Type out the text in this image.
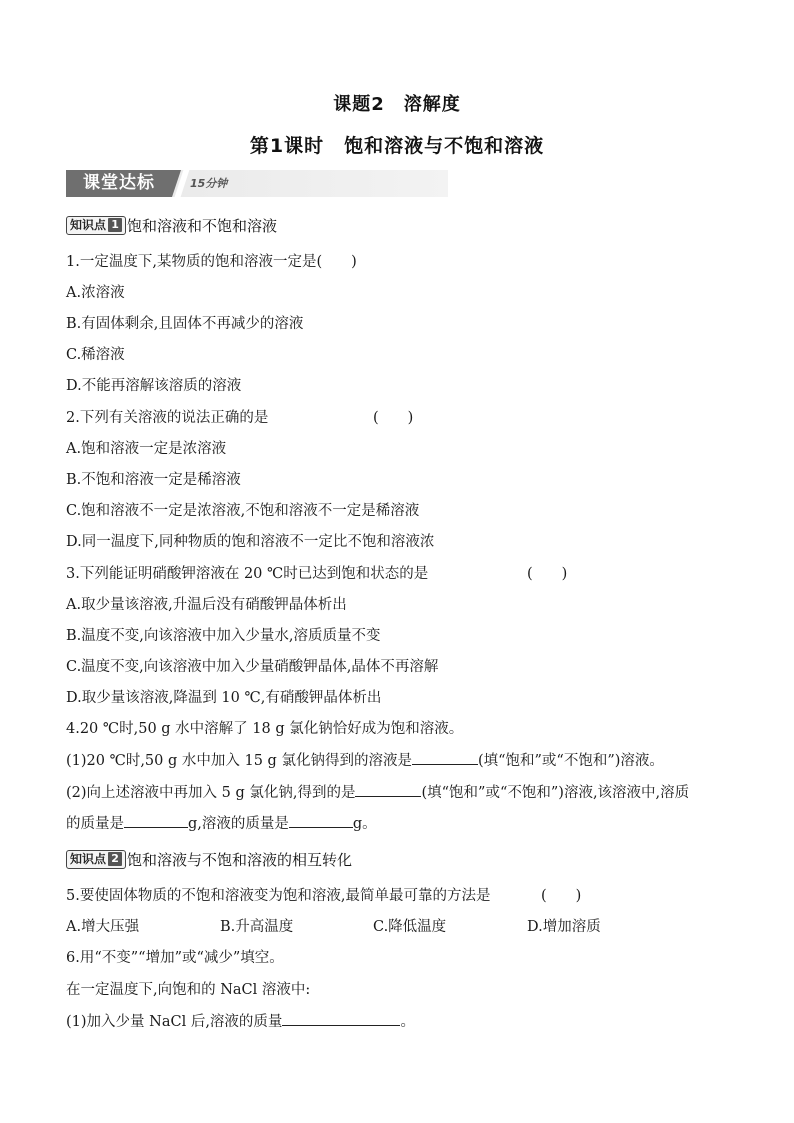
课题2　溶解度
第1课时　饱和溶液与不饱和溶液
课堂达标	15分钟
知识点 1 饱和溶液和不饱和溶液
1.一定温度下,某物质的饱和溶液一定是(　　)
A.浓溶液
B.有固体剩余,且固体不再减少的溶液
C.稀溶液
D.不能再溶解该溶质的溶液
2.下列有关溶液的说法正确的是	(　　)
A.饱和溶液一定是浓溶液
B.不饱和溶液一定是稀溶液
C.饱和溶液不一定是浓溶液,不饱和溶液不一定是稀溶液
D.同一温度下,同种物质的饱和溶液不一定比不饱和溶液浓
3.下列能证明硝酸钾溶液在 20 ℃时已达到饱和状态的是	(　　)
A.取少量该溶液,升温后没有硝酸钾晶体析出
B.温度不变,向该溶液中加入少量水,溶质质量不变
C.温度不变,向该溶液中加入少量硝酸钾晶体,晶体不再溶解
D.取少量该溶液,降温到 10 ℃,有硝酸钾晶体析出
4.20 ℃时,50 g 水中溶解了 18 g 氯化钠恰好成为饱和溶液。
(1)20 ℃时,50 g 水中加入 15 g 氯化钠得到的溶液是	(填“饱和”或“不饱和”)溶液。
(2)向上述溶液中再加入 5 g 氯化钠,得到的是	(填“饱和”或“不饱和”)溶液,该溶液中,溶质
的质量是	g,溶液的质量是	g。
知识点 2 饱和溶液与不饱和溶液的相互转化
5.要使固体物质的不饱和溶液变为饱和溶液,最简单最可靠的方法是	(　　)
A.增大压强	B.升高温度	C.降低温度	D.增加溶质
6.用“不变”“增加”或“减少”填空。
在一定温度下,向饱和的 NaCl 溶液中:
(1)加入少量 NaCl 后,溶液的质量	。
